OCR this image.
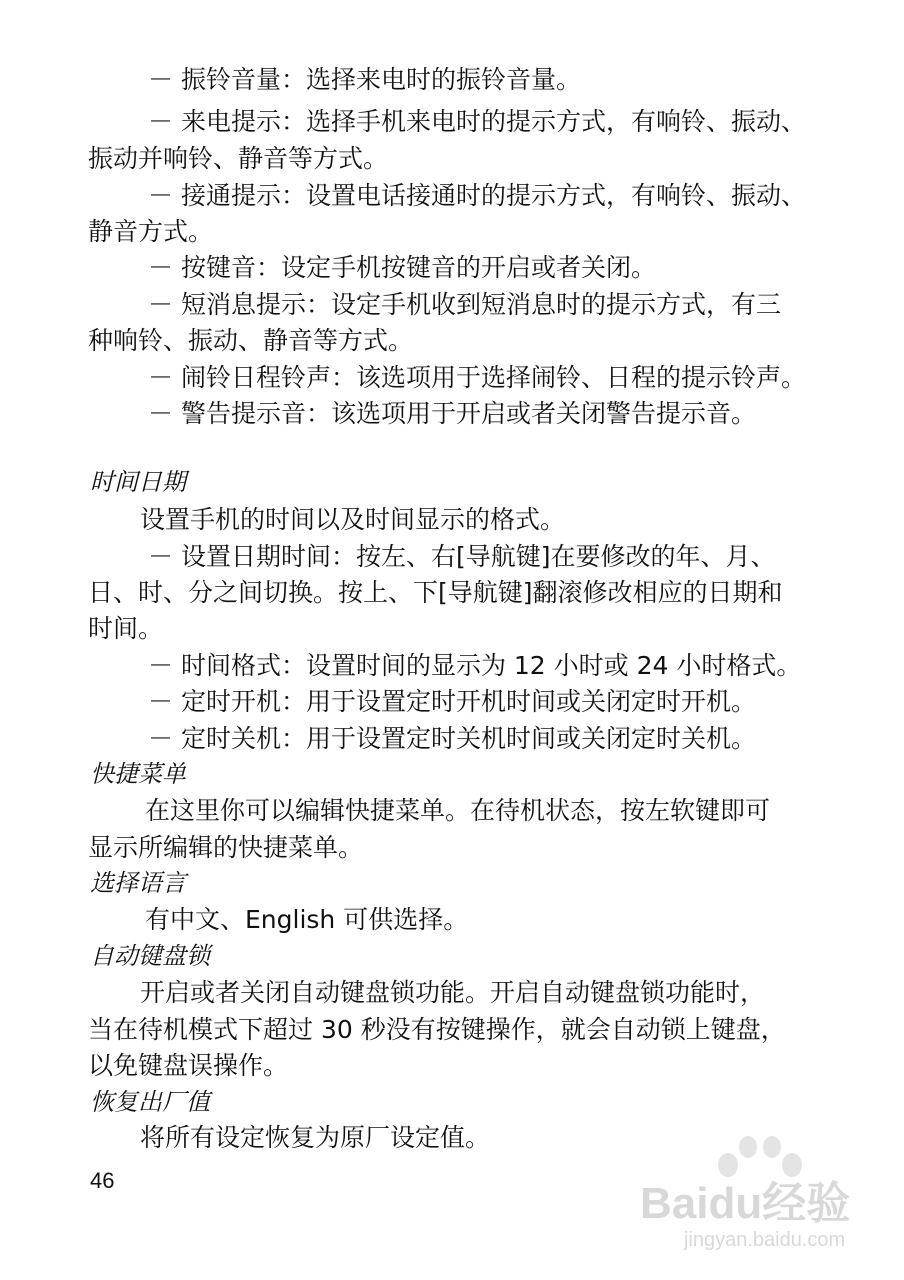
－ 振铃音量：选择来电时的振铃音量。
－ 来电提示：选择手机来电时的提示方式，有响铃、振动、
振动并响铃、静音等方式。
－ 接通提示：设置电话接通时的提示方式，有响铃、振动、
静音方式。
－ 按键音：设定手机按键音的开启或者关闭。
－ 短消息提示：设定手机收到短消息时的提示方式，有三
种响铃、振动、静音等方式。
－ 闹铃日程铃声：该选项用于选择闹铃、日程的提示铃声。
－ 警告提示音：该选项用于开启或者关闭警告提示音。
时间日期
设置手机的时间以及时间显示的格式。
－ 设置日期时间：按左、右[导航键]在要修改的年、月、
日、时、分之间切换。按上、下[导航键]翻滚修改相应的日期和
时间。
－ 时间格式：设置时间的显示为 12 小时或 24 小时格式。
－ 定时开机：用于设置定时开机时间或关闭定时开机。
－ 定时关机：用于设置定时关机时间或关闭定时关机。
快捷菜单
在这里你可以编辑快捷菜单。在待机状态，按左软键即可
显示所编辑的快捷菜单。
选择语言
有中文、English 可供选择。
自动键盘锁
开启或者关闭自动键盘锁功能。开启自动键盘锁功能时，
当在待机模式下超过 30 秒没有按键操作，就会自动锁上键盘，
以免键盘误操作。
恢复出厂值
将所有设定恢复为原厂设定值。
46	Baidu经验
jingyan.baidu.com
